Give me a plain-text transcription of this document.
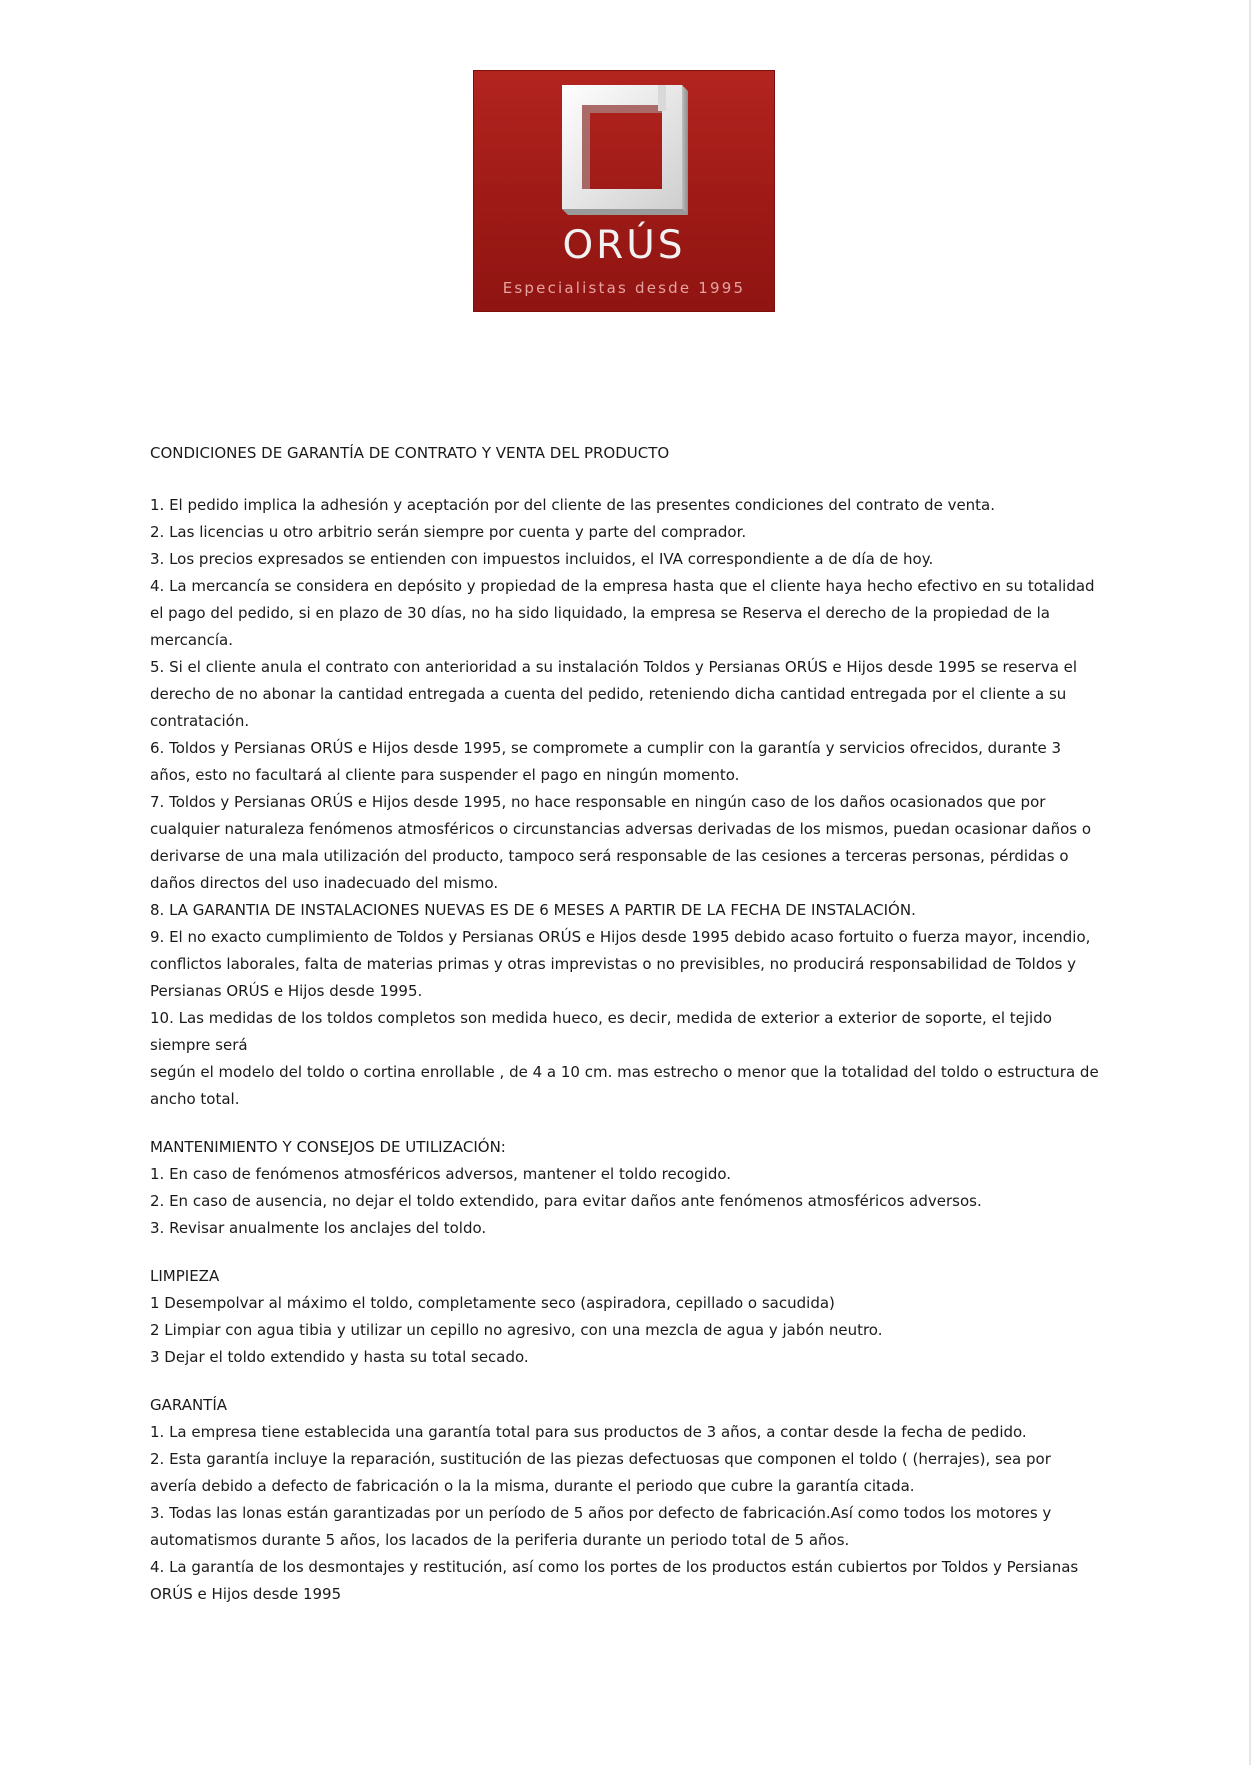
ORÚS
Especialistas desde 1995

CONDICIONES DE GARANTÍA DE CONTRATO Y VENTA DEL PRODUCTO

1. El pedido implica la adhesión y aceptación por del cliente de las presentes condiciones del contrato de venta.

2. Las licencias u otro arbitrio serán siempre por cuenta y parte del comprador.

3. Los precios expresados se entienden con impuestos incluidos, el IVA correspondiente a de día de hoy.

4. La mercancía se considera en depósito y propiedad de la empresa hasta que el cliente haya hecho efectivo en su totalidad el pago del pedido, si en plazo de 30 días, no ha sido liquidado, la empresa se Reserva el derecho de la propiedad de la mercancía.

5. Si el cliente anula el contrato con anterioridad a su instalación Toldos y Persianas ORÚS e Hijos desde 1995 se reserva el derecho de no abonar la cantidad entregada a cuenta del pedido, reteniendo dicha cantidad entregada por el cliente a su contratación.

6. Toldos y Persianas ORÚS e Hijos desde 1995, se compromete a cumplir con la garantía y servicios ofrecidos, durante 3 años, esto no facultará al cliente para suspender el pago en ningún momento.

7. Toldos y Persianas ORÚS e Hijos desde 1995, no hace responsable en ningún caso de los daños ocasionados que por cualquier naturaleza fenómenos atmosféricos o circunstancias adversas derivadas de los mismos, puedan ocasionar daños o derivarse de una mala utilización del producto, tampoco será responsable de las cesiones a terceras personas, pérdidas o daños directos del uso inadecuado del mismo.

8. LA GARANTIA DE INSTALACIONES NUEVAS ES DE 6 MESES A PARTIR DE LA FECHA DE INSTALACIÓN.

9. El no exacto cumplimiento de Toldos y Persianas ORÚS e Hijos desde 1995 debido acaso fortuito o fuerza mayor, incendio, conflictos laborales, falta de materias primas y otras imprevistas o no previsibles, no producirá responsabilidad de Toldos y Persianas ORÚS e Hijos desde 1995.

10. Las medidas de los toldos completos son medida hueco, es decir, medida de exterior a exterior de soporte, el tejido siempre será

según el modelo del toldo o cortina enrollable , de 4 a 10 cm. mas estrecho o menor que la totalidad del toldo o estructura de ancho total.

MANTENIMIENTO Y CONSEJOS DE UTILIZACIÓN:

1. En caso de fenómenos atmosféricos adversos, mantener el toldo recogido.

2. En caso de ausencia, no dejar el toldo extendido, para evitar daños ante fenómenos atmosféricos adversos.

3. Revisar anualmente los anclajes del toldo.

LIMPIEZA

1 Desempolvar al máximo el toldo, completamente seco (aspiradora, cepillado o sacudida)

2 Limpiar con agua tibia y utilizar un cepillo no agresivo, con una mezcla de agua y jabón neutro.

3 Dejar el toldo extendido y hasta su total secado.

GARANTÍA

1. La empresa tiene establecida una garantía total para sus productos de 3 años, a contar desde la fecha de pedido.

2. Esta garantía incluye la reparación, sustitución de las piezas defectuosas que componen el toldo ( (herrajes), sea por avería debido a defecto de fabricación o la la misma, durante el periodo que cubre la garantía citada.

3. Todas las lonas están garantizadas por un período de 5 años por defecto de fabricación.Así como todos los motores y automatismos durante 5 años, los lacados de la periferia durante un periodo total de 5 años.

4. La garantía de los desmontajes y restitución, así como los portes de los productos están cubiertos por Toldos y Persianas ORÚS e Hijos desde 1995
